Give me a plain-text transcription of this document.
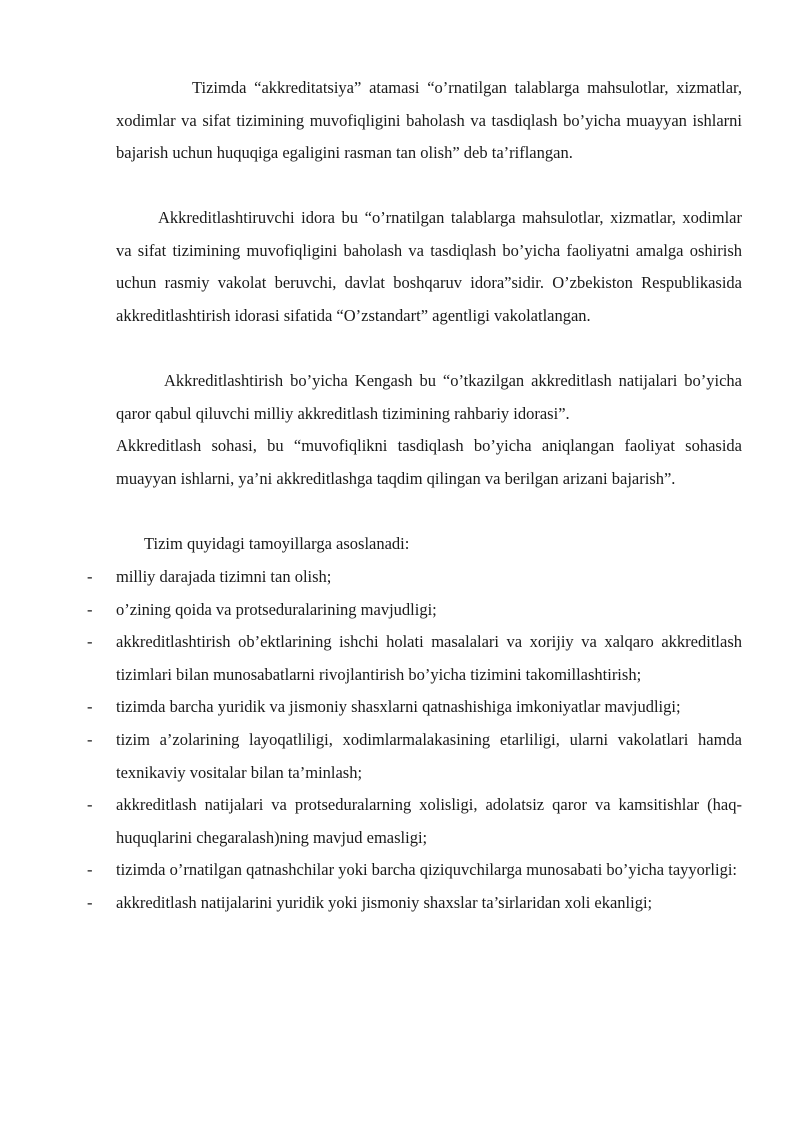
Tizimda “akkreditatsiya” atamasi “o’rnatilgan talablarga mahsulotlar, xizmatlar, xodimlar va sifat tizimining muvofiqligini baholash va tasdiqlash bo’yicha muayyan ishlarni bajarish uchun huquqiga egaligini rasman tan olish” deb ta’riflangan.

Akkreditlashtiruvchi idora bu “o’rnatilgan talablarga mahsulotlar, xizmatlar, xodimlar va sifat tizimining muvofiqligini baholash va tasdiqlash bo’yicha faoliyatni amalga oshirish uchun rasmiy vakolat beruvchi, davlat boshqaruv idora”sidir. O’zbekiston Respublikasida akkreditlashtirish idorasi sifatida “O’zstandart” agentligi vakolatlangan.

Akkreditlashtirish bo’yicha Kengash bu “o’tkazilgan akkreditlash natijalari bo’yicha qaror qabul qiluvchi milliy akkreditlash tizimining rahbariy idorasi”.

Akkreditlash sohasi, bu “muvofiqlikni tasdiqlash bo’yicha aniqlangan faoliyat sohasida muayyan ishlarni, ya’ni akkreditlashga taqdim qilingan va berilgan arizani bajarish”.

Tizim quyidagi tamoyillarga asoslanadi:

- milliy darajada tizimni tan olish;
- o’zining qoida va protseduralarining mavjudligi;
- akkreditlashtirish ob’ektlarining ishchi holati masalalari va xorijiy va xalqaro akkreditlash tizimlari bilan munosabatlarni rivojlantirish bo’yicha tizimini takomillashtirish;
- tizimda barcha yuridik va jismoniy shasxlarni qatnashishiga imkoniyatlar mavjudligi;
- tizim a’zolarining layoqatliligi, xodimlarmalakasining etarliligi, ularni vakolatlari hamda texnikaviy vositalar bilan ta’minlash;
- akkreditlash natijalari va protseduralarning xolisligi, adolatsiz qaror va kamsitishlar (haq-huquqlarini chegaralash)ning mavjud emasligi;
- tizimda o’rnatilgan qatnashchilar yoki barcha qiziquvchilarga munosabati bo’yicha tayyorligi:
- akkreditlash natijalarini yuridik yoki jismoniy shaxslar ta’sirlaridan xoli ekanligi;
